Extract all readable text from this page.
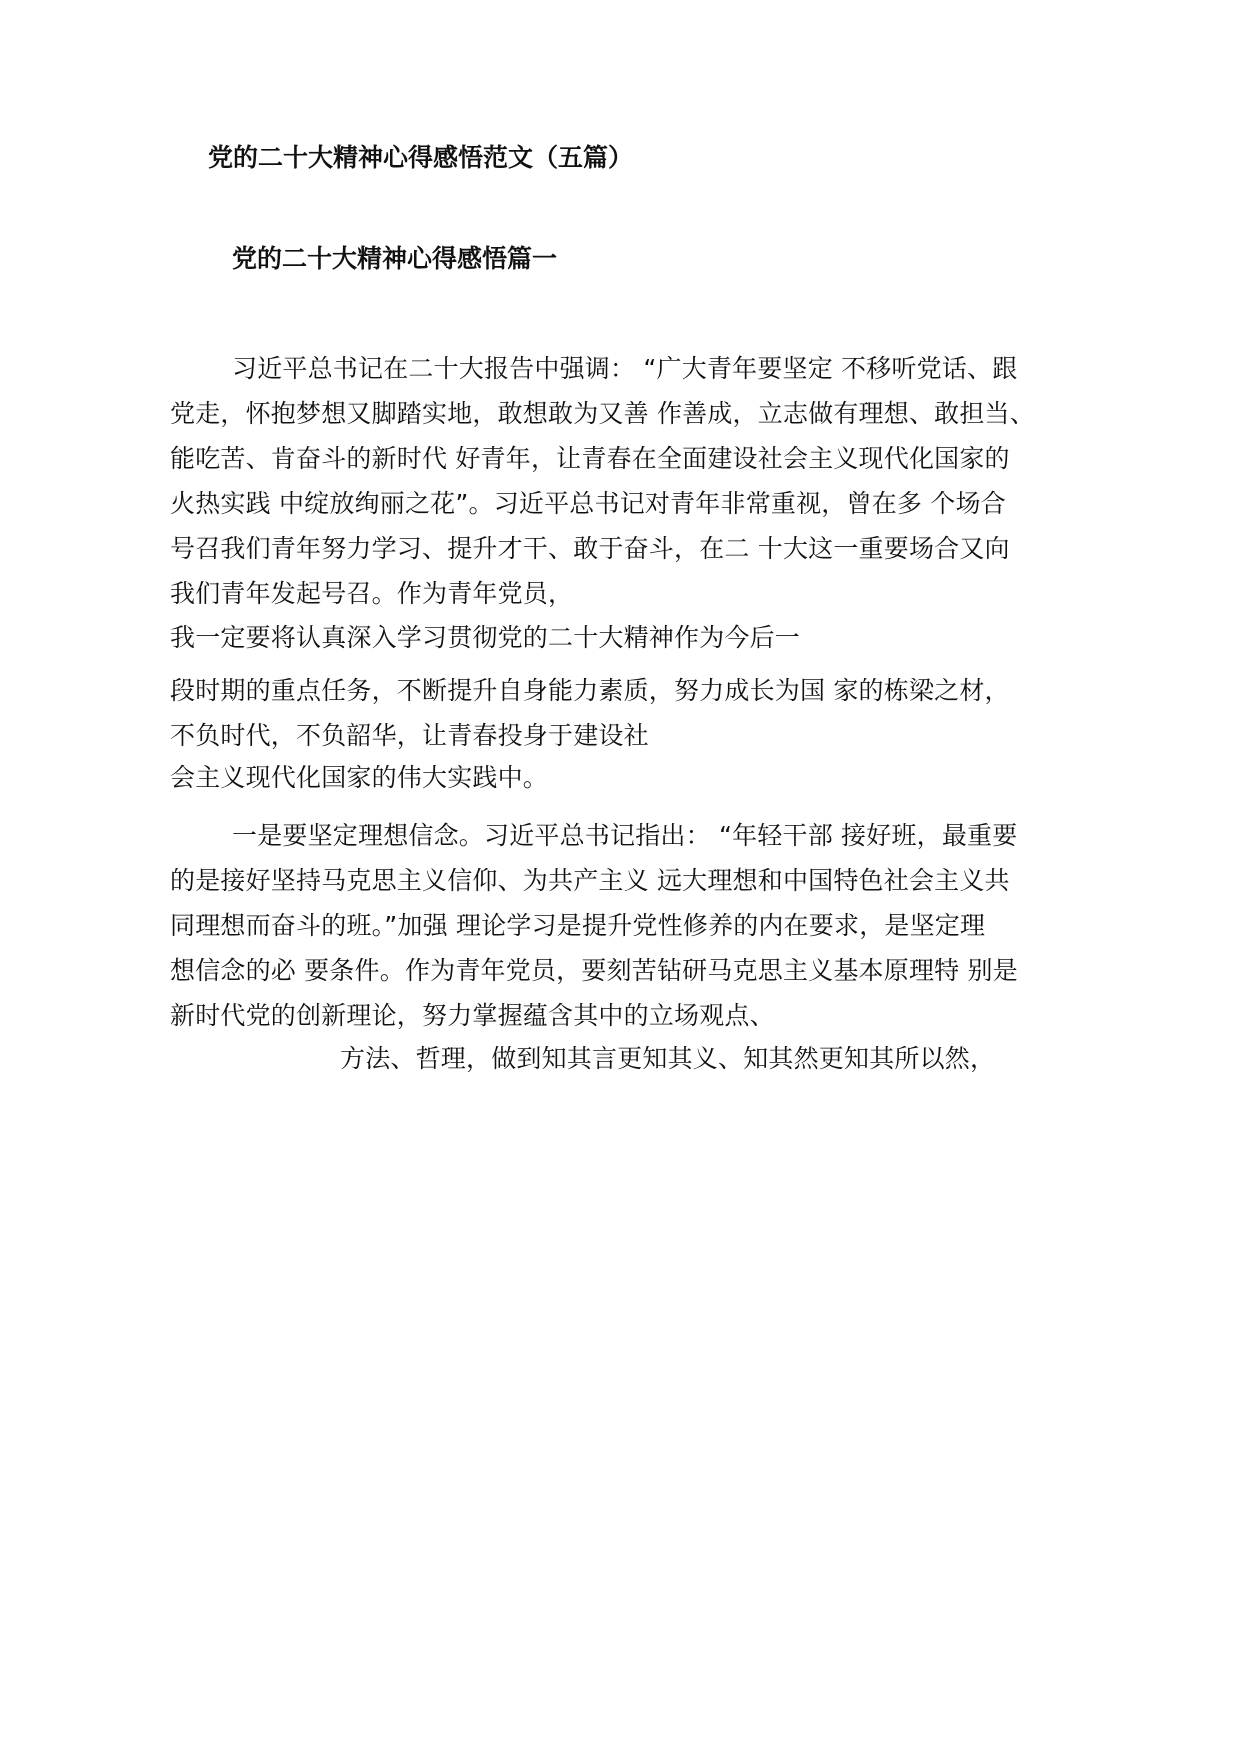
党的二十大精神心得感悟范文（五篇）
党的二十大精神心得感悟篇一
习近平总书记在二十大报告中强调： “广大青年要坚定 不移听党话、跟
党走，怀抱梦想又脚踏实地，敢想敢为又善 作善成，立志做有理想、敢担当、
能吃苦、肯奋斗的新时代 好青年，让青春在全面建设社会主义现代化国家的
火热实践 中绽放绚丽之花”。习近平总书记对青年非常重视，曾在多 个场合
号召我们青年努力学习、提升才干、敢于奋斗，在二 十大这一重要场合又向
我们青年发起号召。作为青年党员，
我一定要将认真深入学习贯彻党的二十大精神作为今后一
段时期的重点任务，不断提升自身能力素质，努力成长为国 家的栋梁之材，
不负时代，不负韶华，让青春投身于建设社
会主义现代化国家的伟大实践中。
一是要坚定理想信念。习近平总书记指出： “年轻干部 接好班，最重要
的是接好坚持马克思主义信仰、为共产主义 远大理想和中国特色社会主义共
同理想而奋斗的班。”加强 理论学习是提升党性修养的内在要求，是坚定理
想信念的必 要条件。作为青年党员，要刻苦钻研马克思主义基本原理特 别是
新时代党的创新理论，努力掌握蕴含其中的立场观点、
方法、哲理，做到知其言更知其义、知其然更知其所以然，
